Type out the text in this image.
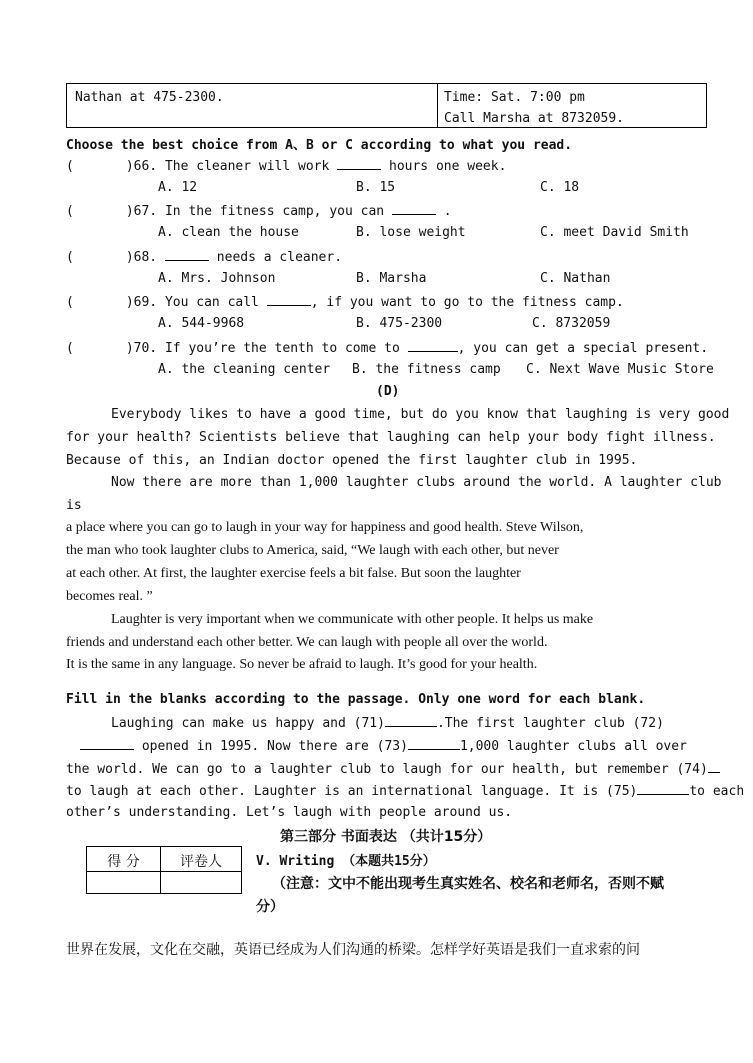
Nathan at 475-2300.	Time: Sat. 7:00 pm
Call Marsha at 8732059.
Choose the best choice from A、B or C according to what you read.
(	)66. The cleaner will work	hours one week.
A. 12	B. 15	C. 18
(	)67. In the fitness camp, you can	.
A. clean the house	B. lose weight	C. meet David Smith
(	)68.	needs a cleaner.
A. Mrs. Johnson	B. Marsha	C. Nathan
(	)69. You can call	, if you want to go to the fitness camp.
A. 544-9968	B. 475-2300	C. 8732059
(	)70. If you’re the tenth to come to	, you can get a special present.
A. the cleaning center B. the fitness camp C. Next Wave Music Store
(D)
Everybody likes to have a good time, but do you know that laughing is very good
for your health? Scientists believe that laughing can help your body fight illness.
Because of this, an Indian doctor opened the first laughter club in 1995.
Now there are more than 1,000 laughter clubs around the world. A laughter club
is
a place where you can go to laugh in your way for happiness and good health. Steve Wilson,
the man who took laughter clubs to America, said, “We laugh with each other, but never
at each other. At first, the laughter exercise feels a bit false. But soon the laughter
becomes real. ”
Laughter is very important when we communicate with other people. It helps us make
friends and understand each other better. We can laugh with people all over the world.
It is the same in any language. So never be afraid to laugh. It’s good for your health.
Fill in the blanks according to the passage. Only one word for each blank.
Laughing can make us happy and (71)	.The first laughter club (72)
opened in 1995. Now there are (73)	1,000 laughter clubs all over
the world. We can go to a laughter club to laugh for our health, but remember (74)
to laugh at each other. Laughter is an international language. It is (75)	to each
other’s understanding. Let’s laugh with people around us.
第三部分 书面表达 （共计15分）
得 分	评卷人	V. Writing （本题共15分）
（注意：文中不能出现考生真实姓名、校名和老师名，否则不赋
分）
世界在发展，文化在交融，英语已经成为人们沟通的桥梁。怎样学好英语是我们一直求索的问
